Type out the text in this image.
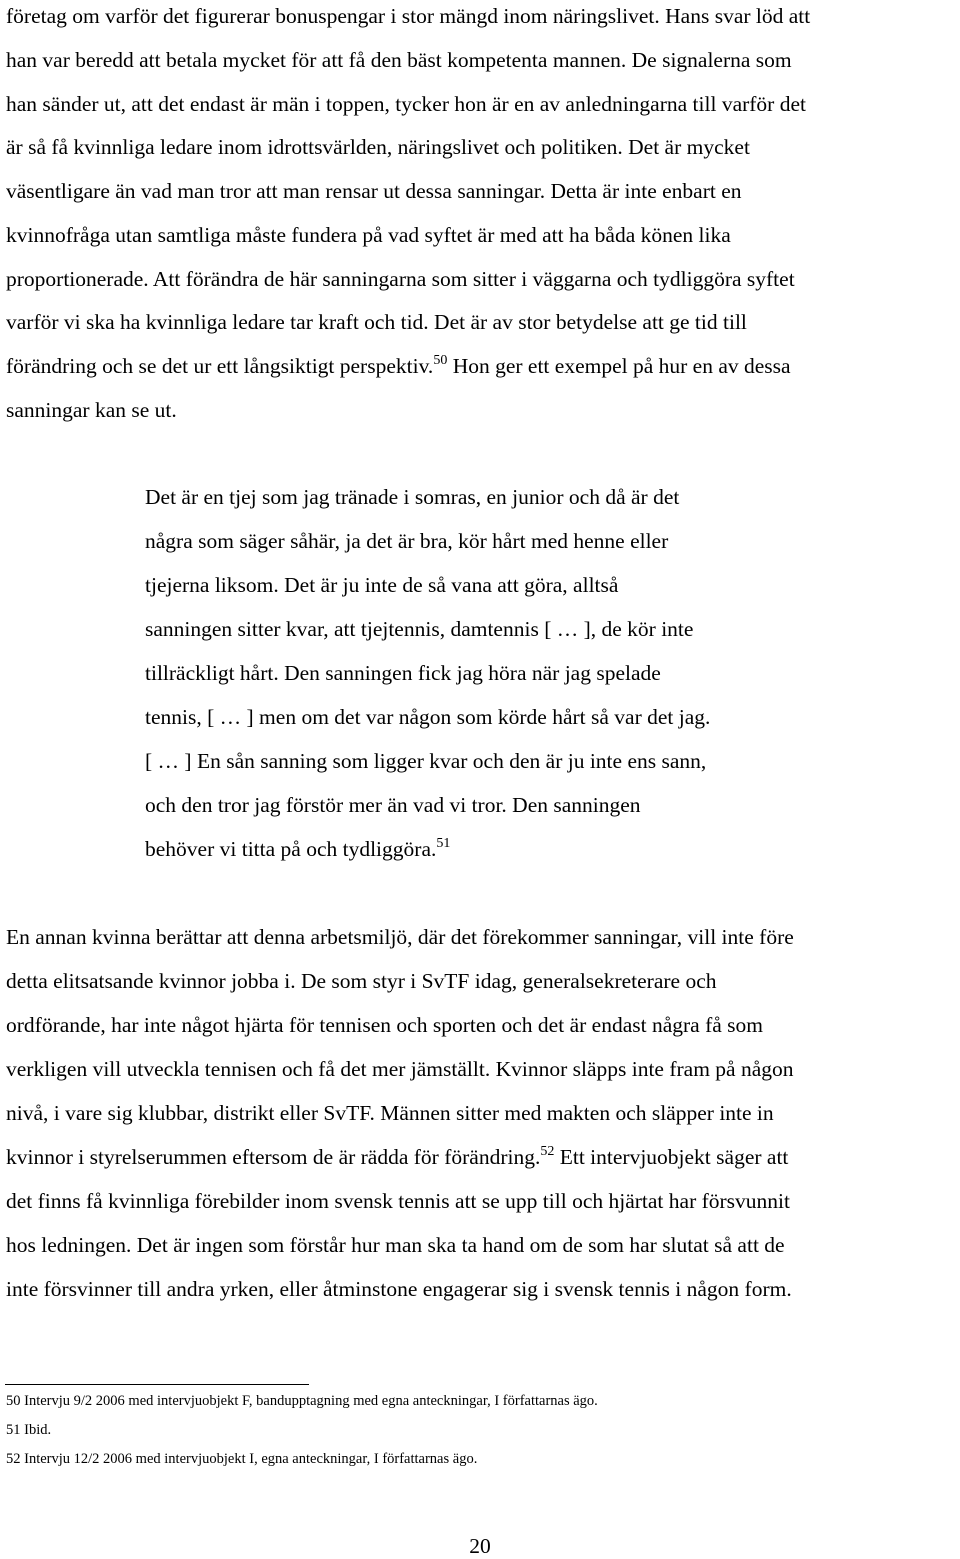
företag om varför det figurerar bonuspengar i stor mängd inom näringslivet. Hans svar löd att
han var beredd att betala mycket för att få den bäst kompetenta mannen. De signalerna som
han sänder ut, att det endast är män i toppen, tycker hon är en av anledningarna till varför det
är så få kvinnliga ledare inom idrottsvärlden, näringslivet och politiken. Det är mycket
väsentligare än vad man tror att man rensar ut dessa sanningar. Detta är inte enbart en
kvinnofråga utan samtliga måste fundera på vad syftet är med att ha båda könen lika
proportionerade. Att förändra de här sanningarna som sitter i väggarna och tydliggöra syftet
varför vi ska ha kvinnliga ledare tar kraft och tid. Det är av stor betydelse att ge tid till
förändring och se det ur ett långsiktigt perspektiv.$^{50}$ Hon ger ett exempel på hur en av dessa
sanningar kan se ut.
Det är en tjej som jag tränade i somras, en junior och då är det
några som säger såhär, ja det är bra, kör hårt med henne eller
tjejerna liksom. Det är ju inte de så vana att göra, alltså
sanningen sitter kvar, att tjejtennis, damtennis [ … ], de kör inte
tillräckligt hårt. Den sanningen fick jag höra när jag spelade
tennis, [ … ] men om det var någon som körde hårt så var det jag.
[ … ] En sån sanning som ligger kvar och den är ju inte ens sann,
och den tror jag förstör mer än vad vi tror. Den sanningen
behöver vi titta på och tydliggöra.$^{51}$
En annan kvinna berättar att denna arbetsmiljö, där det förekommer sanningar, vill inte före
detta elitsatsande kvinnor jobba i. De som styr i SvTF idag, generalsekreterare och
ordförande, har inte något hjärta för tennisen och sporten och det är endast några få som
verkligen vill utveckla tennisen och få det mer jämställt. Kvinnor släpps inte fram på någon
nivå, i vare sig klubbar, distrikt eller SvTF. Männen sitter med makten och släpper inte in
kvinnor i styrelserummen eftersom de är rädda för förändring.$^{52}$ Ett intervjuobjekt säger att
det finns få kvinnliga förebilder inom svensk tennis att se upp till och hjärtat har försvunnit
hos ledningen. Det är ingen som förstår hur man ska ta hand om de som har slutat så att de
inte försvinner till andra yrken, eller åtminstone engagerar sig i svensk tennis i någon form.
50 Intervju 9/2 2006 med intervjuobjekt F, bandupptagning med egna anteckningar, I författarnas ägo.
51 Ibid.
52 Intervju 12/2 2006 med intervjuobjekt I, egna anteckningar, I författarnas ägo.
20
